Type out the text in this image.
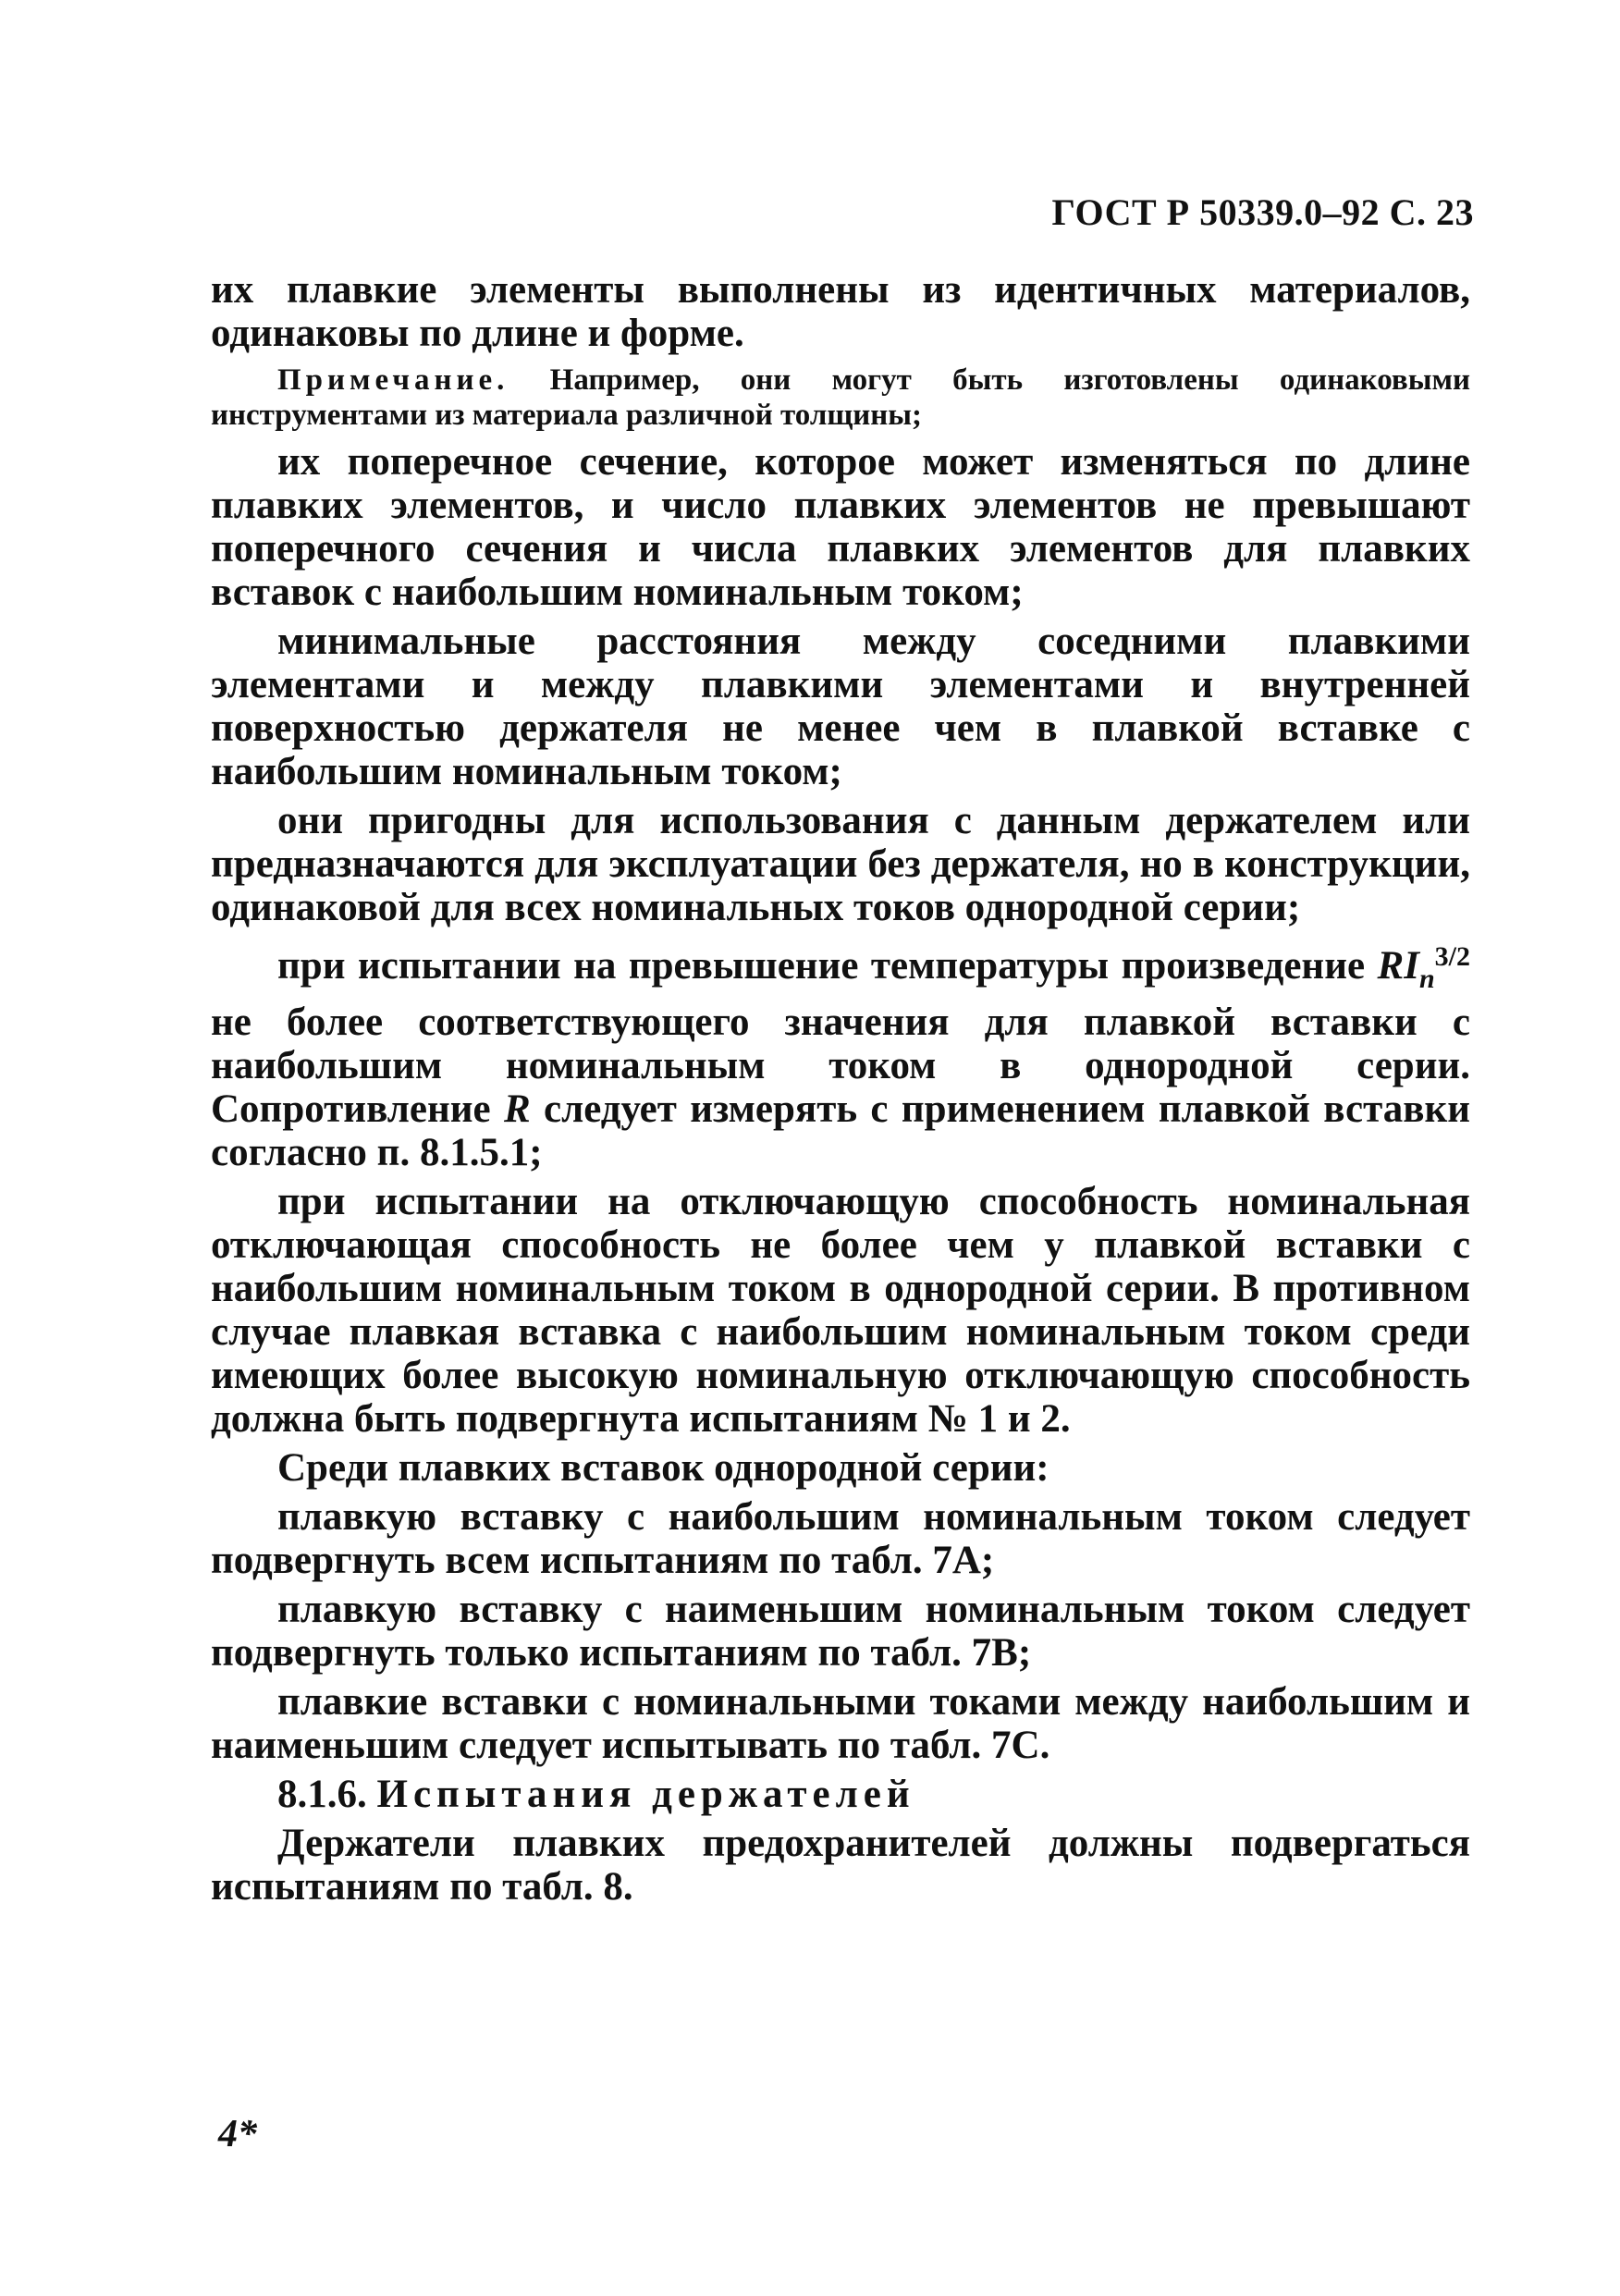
ГОСТ Р 50339.0–92 С. 23

их плавкие элементы выполнены из идентичных материалов, одинаковы по длине и форме.

Примечание. Например, они могут быть изготовлены одинаковыми инструментами из материала различной толщины;

их поперечное сечение, которое может изменяться по длине плавких элементов, и число плавких элементов не превышают поперечного сечения и числа плавких элементов для плавких вставок с наибольшим номинальным током;

минимальные расстояния между соседними плавкими элементами и между плавкими элементами и внутренней поверхностью держателя не менее чем в плавкой вставке с наибольшим номинальным током;

они пригодны для использования с данным держателем или предназначаются для эксплуатации без держателя, но в конструкции, одинаковой для всех номинальных токов однородной серии;

при испытании на превышение температуры произведение $RI_n^{3/2}$ не более соответствующего значения для плавкой вставки с наибольшим номинальным током в однородной серии. Сопротивление R следует измерять с применением плавкой вставки согласно п. 8.1.5.1;

при испытании на отключающую способность номинальная отключающая способность не более чем у плавкой вставки с наибольшим номинальным током в однородной серии. В противном случае плавкая вставка с наибольшим номинальным током среди имеющих более высокую номинальную отключающую способность должна быть подвергнута испытаниям № 1 и 2.

Среди плавких вставок однородной серии:

плавкую вставку с наибольшим номинальным током следует подвергнуть всем испытаниям по табл. 7А;

плавкую вставку с наименьшим номинальным током следует подвергнуть только испытаниям по табл. 7В;

плавкие вставки с номинальными токами между наибольшим и наименьшим следует испытывать по табл. 7С.

8.1.6. Испытания держателей

Держатели плавких предохранителей должны подвергаться испытаниям по табл. 8.

4*
